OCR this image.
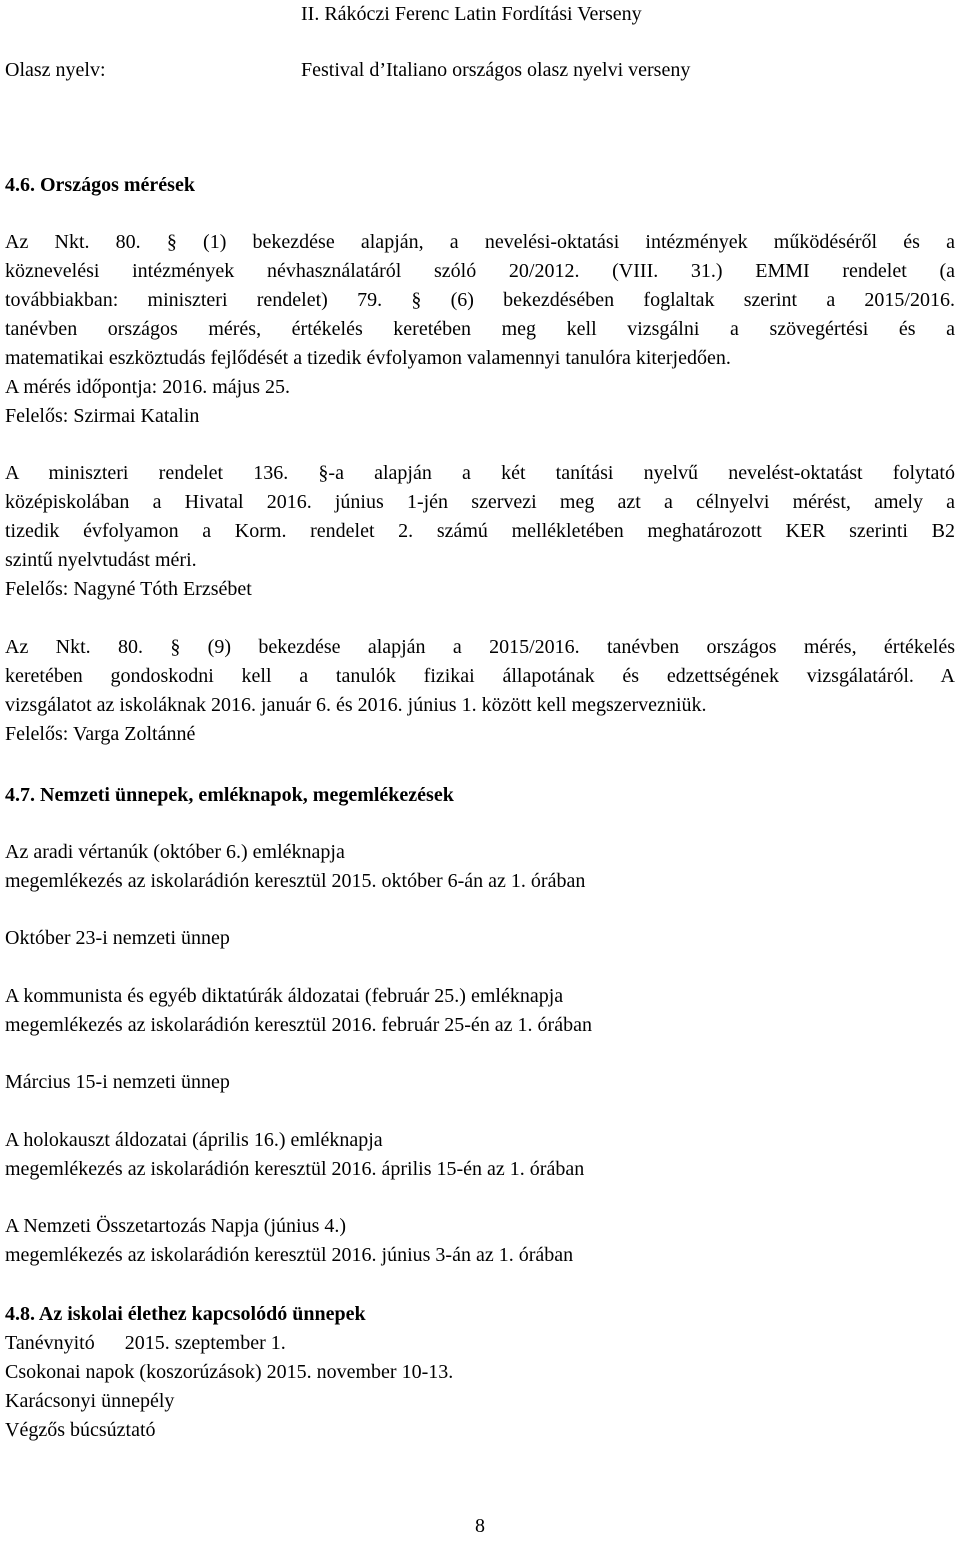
II. Rákóczi Ferenc Latin Fordítási Verseny
Olasz nyelv:	Festival d’Italiano országos olasz nyelvi verseny
4.6. Országos mérések
Az Nkt. 80. § (1) bekezdése alapján, a nevelési-oktatási intézmények működéséről és a
köznevelési intézmények névhasználatáról szóló 20/2012. (VIII. 31.) EMMI rendelet (a
továbbiakban: miniszteri rendelet) 79. § (6) bekezdésében foglaltak szerint a 2015/2016.
tanévben országos mérés, értékelés keretében meg kell vizsgálni a szövegértési és a
matematikai eszköztudás fejlődését a tizedik évfolyamon valamennyi tanulóra kiterjedően.
A mérés időpontja: 2016. május 25.
Felelős: Szirmai Katalin
A miniszteri rendelet 136. §-a alapján a két tanítási nyelvű nevelést-oktatást folytató
középiskolában a Hivatal 2016. június 1-jén szervezi meg azt a célnyelvi mérést, amely a
tizedik évfolyamon a Korm. rendelet 2. számú mellékletében meghatározott KER szerinti B2
szintű nyelvtudást méri.
Felelős: Nagyné Tóth Erzsébet
Az Nkt. 80. § (9) bekezdése alapján a 2015/2016. tanévben országos mérés, értékelés
keretében gondoskodni kell a tanulók fizikai állapotának és edzettségének vizsgálatáról. A
vizsgálatot az iskoláknak 2016. január 6. és 2016. június 1. között kell megszervezniük.
Felelős: Varga Zoltánné
4.7. Nemzeti ünnepek, emléknapok, megemlékezések
Az aradi vértanúk (október 6.) emléknapja
megemlékezés az iskolarádión keresztül 2015. október 6-án az 1. órában
Október 23-i nemzeti ünnep
A kommunista és egyéb diktatúrák áldozatai (február 25.) emléknapja
megemlékezés az iskolarádión keresztül 2016. február 25-én az 1. órában
Március 15-i nemzeti ünnep
A holokauszt áldozatai (április 16.) emléknapja
megemlékezés az iskolarádión keresztül 2016. április 15-én az 1. órában
A Nemzeti Összetartozás Napja (június 4.)
megemlékezés az iskolarádión keresztül 2016. június 3-án az 1. órában
4.8. Az iskolai élethez kapcsolódó ünnepek
Tanévnyitó      2015. szeptember 1.
Csokonai napok (koszorúzások) 2015. november 10-13.
Karácsonyi ünnepély
Végzős búcsúztató
8
